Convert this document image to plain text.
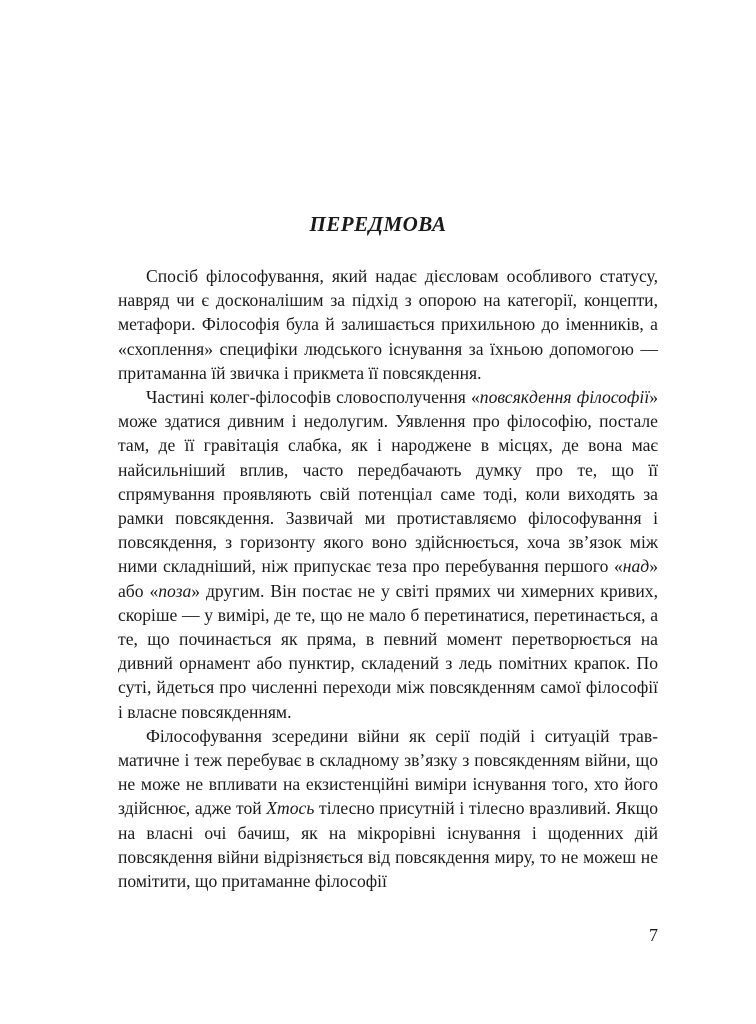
ПЕРЕДМОВА

Спосіб філософування, який надає дієсловам особливого статусу, навряд чи є досконалішим за підхід з опорою на категорії, концепти, метафори. Філософія була й залишається прихильною до іменників, а «схоплення» специфіки людського існування за їхньою допомогою — притаманна їй звичка і прикмета її повсякдення.

Частині колег-філософів словосполучення «повсякдення філософії» може здатися дивним і недолугим. Уявлення про філософію, постале там, де її гравітація слабка, як і народжене в місцях, де вона має найсильніший вплив, часто передбачають думку про те, що її спрямування проявляють свій потенціал саме тоді, коли виходять за рамки повсякдення. Зазвичай ми протиставляємо філософування і повсякдення, з горизонту якого воно здійснюється, хоча зв’язок між ними складніший, ніж припускає теза про перебування першого «над» або «поза» другим. Він постає не у світі прямих чи химерних кривих, скоріше — у вимірі, де те, що не мало б перетинатися, перетинається, а те, що починається як пряма, в певний момент перетворюється на дивний орнамент або пунктир, складений з ледь помітних крапок. По суті, йдеться про численні переходи між повсякденням самої філософії і власне повсякденням.

Філософування зсередини війни як серії подій і ситуацій травматичне і теж перебуває в складному зв’язку з повсякденням війни, що не може не впливати на екзистенційні виміри існування того, хто його здійснює, адже той Хтось тілесно присутній і тілесно вразливий. Якщо на власні очі бачиш, як на мікрорівні існування і щоденних дій повсякдення війни відрізняється від повсякдення миру, то не можеш не помітити, що притаманне філософії

7
